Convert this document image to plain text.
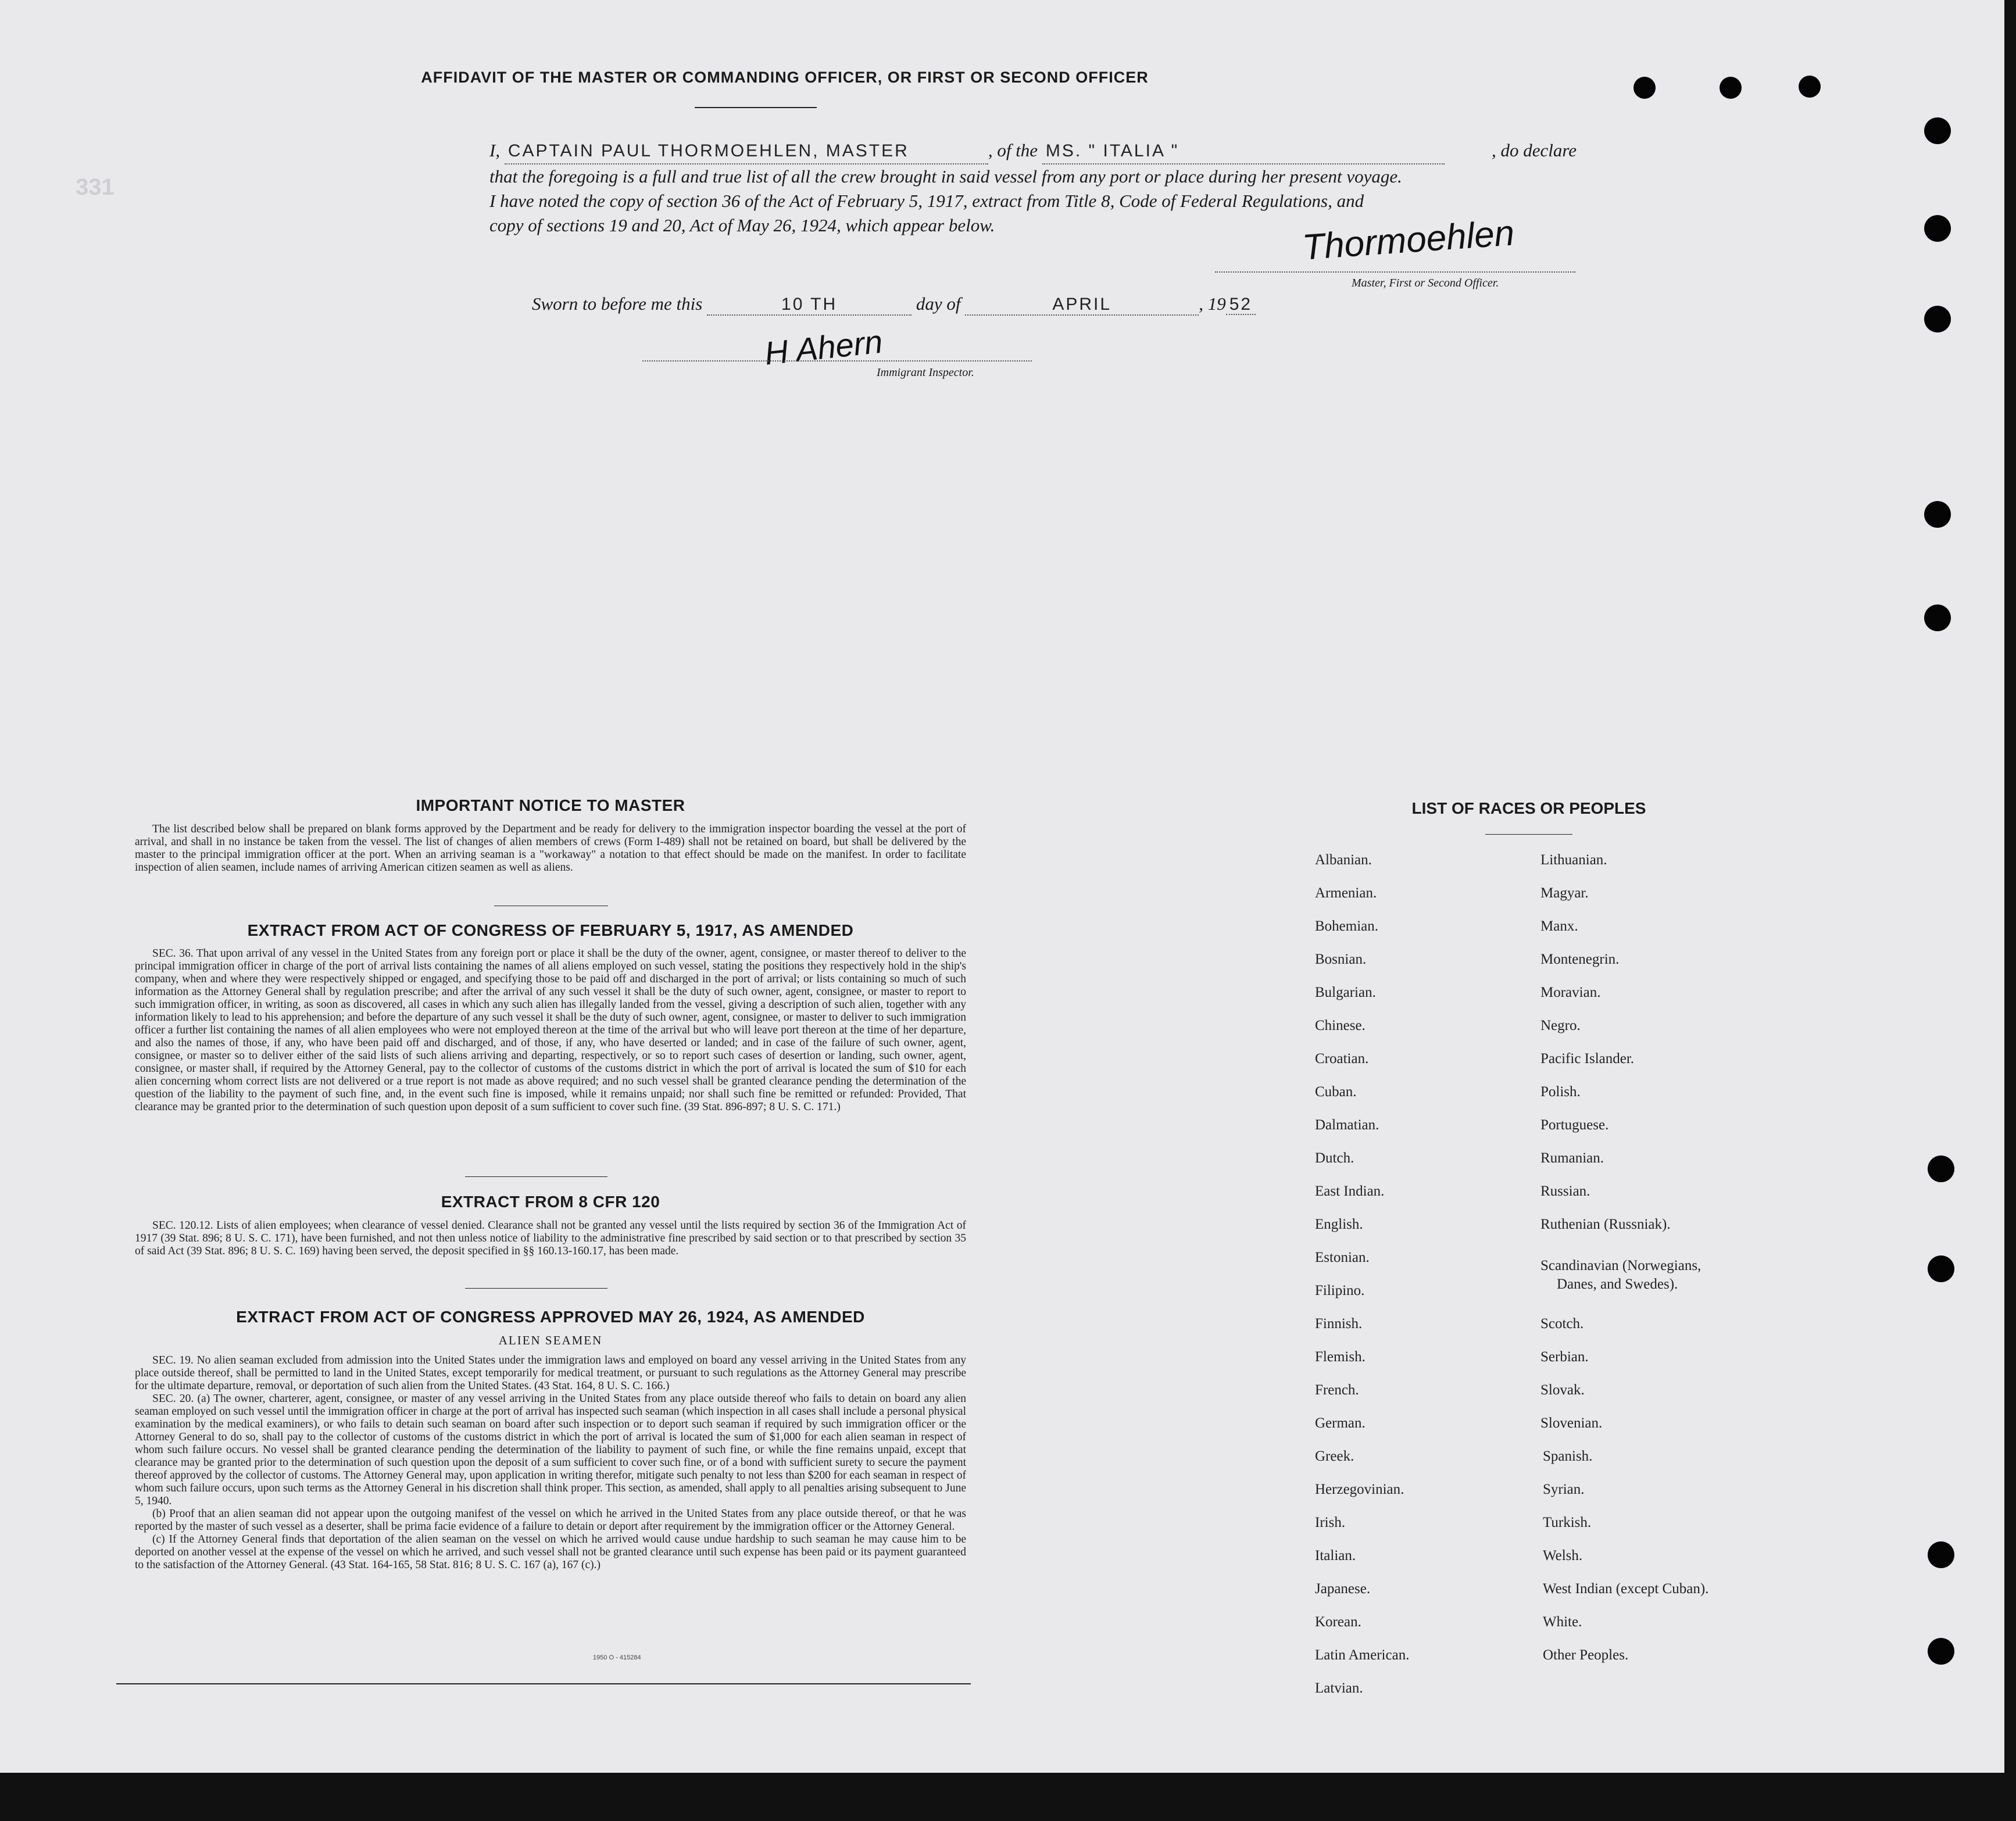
331
AFFIDAVIT OF THE MASTER OR COMMANDING OFFICER, OR FIRST OR SECOND OFFICER
I, CAPTAIN PAUL THORMOEHLEN, MASTER	, of the MS. " ITALIA "	, do declare
that the foregoing is a full and true list of all the crew brought in said vessel from any port or place during her present voyage.
I have noted the copy of section 36 of the Act of February 5, 1917, extract from Title 8, Code of Federal Regulations, and
copy of sections 19 and 20, Act of May 26, 1924, which appear below.	Thormoehlen
Master, First or Second Officer.
Sworn to before me this	10 TH	day of	APRIL	, 19 52
H Ahern
Immigrant Inspector.
IMPORTANT NOTICE TO MASTER

The list described below shall be prepared on blank forms approved by the Department and be ready for delivery to the immigration inspector boarding the vessel at the port of arrival, and shall in no instance be taken from the vessel. The list of changes of alien members of crews (Form I-489) shall not be retained on board, but shall be delivered by the master to the principal immigration officer at the port. When an arriving seaman is a "workaway" a notation to that effect should be made on the manifest. In order to facilitate inspection of alien seamen, include names of arriving American citizen seamen as well as aliens.

EXTRACT FROM ACT OF CONGRESS OF FEBRUARY 5, 1917, AS AMENDED

SEC. 36. That upon arrival of any vessel in the United States from any foreign port or place it shall be the duty of the owner, agent, consignee, or master thereof to deliver to the principal immigration officer in charge of the port of arrival lists containing the names of all aliens employed on such vessel, stating the positions they respectively hold in the ship's company, when and where they were respectively shipped or engaged, and specifying those to be paid off and discharged in the port of arrival; or lists containing so much of such information as the Attorney General shall by regulation prescribe; and after the arrival of any such vessel it shall be the duty of such owner, agent, consignee, or master to report to such immigration officer, in writing, as soon as discovered, all cases in which any such alien has illegally landed from the vessel, giving a description of such alien, together with any information likely to lead to his apprehension; and before the departure of any such vessel it shall be the duty of such owner, agent, consignee, or master to deliver to such immigration officer a further list containing the names of all alien employees who were not employed thereon at the time of the arrival but who will leave port thereon at the time of her departure, and also the names of those, if any, who have been paid off and discharged, and of those, if any, who have deserted or landed; and in case of the failure of such owner, agent, consignee, or master so to deliver either of the said lists of such aliens arriving and departing, respectively, or so to report such cases of desertion or landing, such owner, agent, consignee, or master shall, if required by the Attorney General, pay to the collector of customs of the customs district in which the port of arrival is located the sum of $10 for each alien concerning whom correct lists are not delivered or a true report is not made as above required; and no such vessel shall be granted clearance pending the determination of the question of the liability to the payment of such fine, and, in the event such fine is imposed, while it remains unpaid; nor shall such fine be remitted or refunded: Provided, That clearance may be granted prior to the determination of such question upon deposit of a sum sufficient to cover such fine. (39 Stat. 896-897; 8 U. S. C. 171.)

EXTRACT FROM 8 CFR 120

SEC. 120.12. Lists of alien employees; when clearance of vessel denied. Clearance shall not be granted any vessel until the lists required by section 36 of the Immigration Act of 1917 (39 Stat. 896; 8 U. S. C. 171), have been furnished, and not then unless notice of liability to the administrative fine prescribed by said section or to that prescribed by section 35 of said Act (39 Stat. 896; 8 U. S. C. 169) having been served, the deposit specified in §§ 160.13-160.17, has been made.

EXTRACT FROM ACT OF CONGRESS APPROVED MAY 26, 1924, AS AMENDED
ALIEN SEAMEN

SEC. 19. No alien seaman excluded from admission into the United States under the immigration laws and employed on board any vessel arriving in the United States from any place outside thereof, shall be permitted to land in the United States, except temporarily for medical treatment, or pursuant to such regulations as the Attorney General may prescribe for the ultimate departure, removal, or deportation of such alien from the United States. (43 Stat. 164, 8 U. S. C. 166.)

SEC. 20. (a) The owner, charterer, agent, consignee, or master of any vessel arriving in the United States from any place outside thereof who fails to detain on board any alien seaman employed on such vessel until the immigration officer in charge at the port of arrival has inspected such seaman (which inspection in all cases shall include a personal physical examination by the medical examiners), or who fails to detain such seaman on board after such inspection or to deport such seaman if required by such immigration officer or the Attorney General to do so, shall pay to the collector of customs of the customs district in which the port of arrival is located the sum of $1,000 for each alien seaman in respect of whom such failure occurs. No vessel shall be granted clearance pending the determination of the liability to payment of such fine, or while the fine remains unpaid, except that clearance may be granted prior to the determination of such question upon the deposit of a sum sufficient to cover such fine, or of a bond with sufficient surety to secure the payment thereof approved by the collector of customs. The Attorney General may, upon application in writing therefor, mitigate such penalty to not less than $200 for each seaman in respect of whom such failure occurs, upon such terms as the Attorney General in his discretion shall think proper. This section, as amended, shall apply to all penalties arising subsequent to June 5, 1940.

(b) Proof that an alien seaman did not appear upon the outgoing manifest of the vessel on which he arrived in the United States from any place outside thereof, or that he was reported by the master of such vessel as a deserter, shall be prima facie evidence of a failure to detain or deport after requirement by the immigration officer or the Attorney General.

(c) If the Attorney General finds that deportation of the alien seaman on the vessel on which he arrived would cause undue hardship to such seaman he may cause him to be deported on another vessel at the expense of the vessel on which he arrived, and such vessel shall not be granted clearance until such expense has been paid or its payment guaranteed to the satisfaction of the Attorney General. (43 Stat. 164-165, 58 Stat. 816; 8 U. S. C. 167 (a), 167 (c).)

1950 O - 415284
LIST OF RACES OR PEOPLES
Albanian.
Armenian.
Bohemian.
Bosnian.
Bulgarian.
Chinese.
Croatian.
Cuban.
Dalmatian.
Dutch.
East Indian.
English.
Estonian.
Filipino.
Finnish.
Flemish.
French.
German.
Greek.
Herzegovinian.
Irish.
Italian.
Japanese.
Korean.
Latin American.
Latvian.
Lithuanian.
Magyar.
Manx.
Montenegrin.
Moravian.
Negro.
Pacific Islander.
Polish.
Portuguese.
Rumanian.
Russian.
Ruthenian (Russniak).
Scandinavian (Norwegians,
Danes, and Swedes).
Scotch.
Serbian.
Slovak.
Slovenian.
Spanish.
Syrian.
Turkish.
Welsh.
West Indian (except Cuban).
White.
Other Peoples.
